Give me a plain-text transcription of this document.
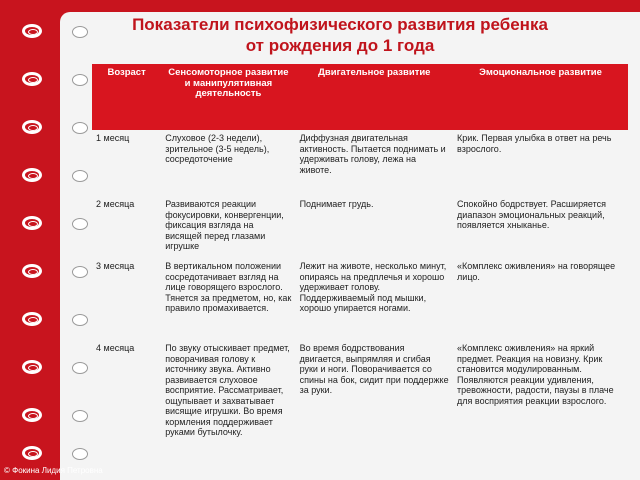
Показатели психофизического развития ребенка
от рождения до 1 года
Возраст	Сенсомоторное развитие и манипулятивная деятельность	Двигательное развитие	Эмоциональное развитие
1 месяц	Слуховое (2-3 недели), зрительное (3-5 недель), сосредоточение	Диффузная двигательная активность. Пытается поднимать и удерживать голову, лежа на животе.	Крик. Первая улыбка в ответ на речь взрослого.
2 месяца	Развиваются реакции фокусировки, конвергенции, фиксация взгляда на висящей перед глазами игрушке	Поднимает грудь.	Спокойно бодрствует. Расширяется диапазон эмоциональных реакций, появляется хныканье.
3 месяца	В вертикальном положении сосредотачивает взгляд на лице говорящего взрослого. Тянется за предметом, но, как правило промахивается.	Лежит на животе, несколько минут, опираясь на предплечья и хорошо удерживает голову. Поддерживаемый под мышки, хорошо упирается ногами.	«Комплекс оживления» на говорящее лицо.
4 месяца	По звуку отыскивает предмет, поворачивая голову к источнику звука. Активно развивается слуховое восприятие. Рассматривает, ощупывает и захватывает висящие игрушки. Во время кормления поддерживает руками бутылочку.	Во время бодрствования двигается, выпрямляя и сгибая руки и ноги. Поворачивается со спины на бок, сидит при поддержке за руки.	«Комплекс оживления» на яркий предмет. Реакция на новизну. Крик становится модулированным. Появляются реакции удивления, тревожности, радости, паузы в плаче для восприятия реакции взрослого.
© Фокина Лидия Петровна
